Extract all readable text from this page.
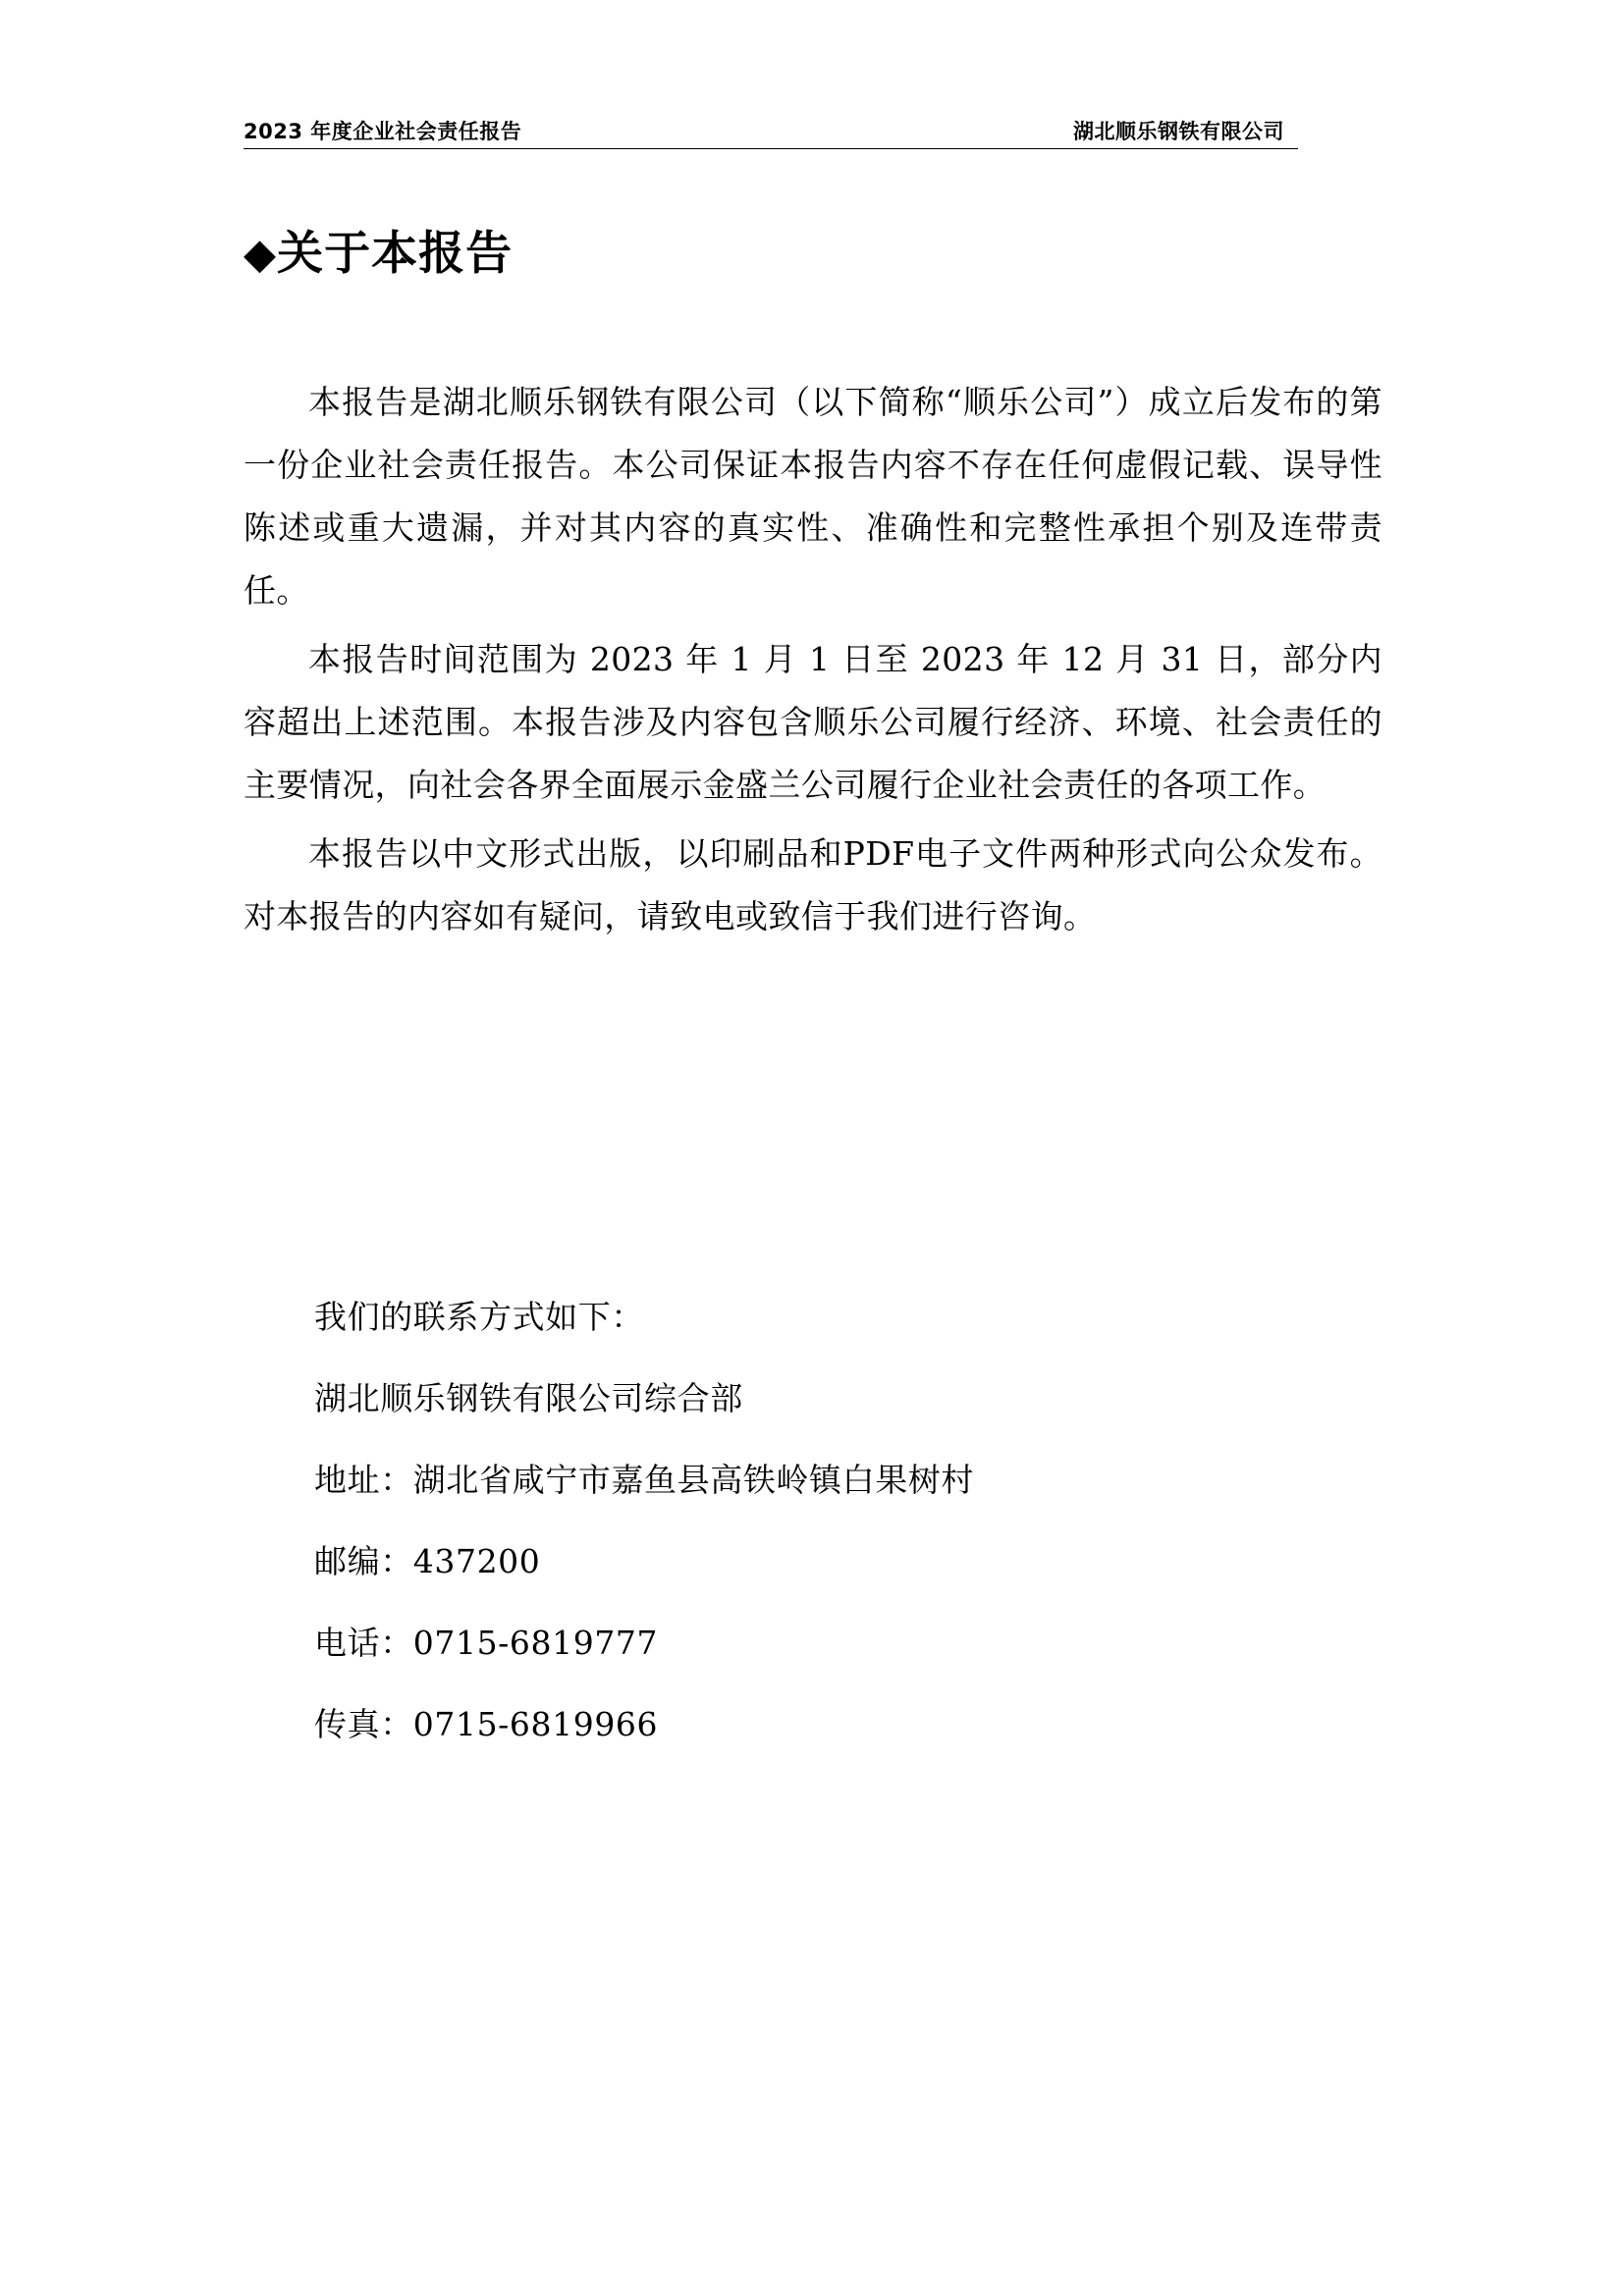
2023 年度企业社会责任报告	湖北顺乐钢铁有限公司
◆关于本报告

本报告是湖北顺乐钢铁有限公司（以下简称“顺乐公司”）成立后发布的第一份企业社会责任报告。本公司保证本报告内容不存在任何虚假记载、误导性陈述或重大遗漏，并对其内容的真实性、准确性和完整性承担个别及连带责任。

本报告时间范围为 2023 年 1 月 1 日至 2023 年 12 月 31 日，部分内容超出上述范围。本报告涉及内容包含顺乐公司履行经济、环境、社会责任的主要情况，向社会各界全面展示金盛兰公司履行企业社会责任的各项工作。

本报告以中文形式出版，以印刷品和PDF电子文件两种形式向公众发布。对本报告的内容如有疑问，请致电或致信于我们进行咨询。

我们的联系方式如下：
湖北顺乐钢铁有限公司综合部
地址：湖北省咸宁市嘉鱼县高铁岭镇白果树村
邮编：437200
电话：0715-6819777
传真：0715-6819966
